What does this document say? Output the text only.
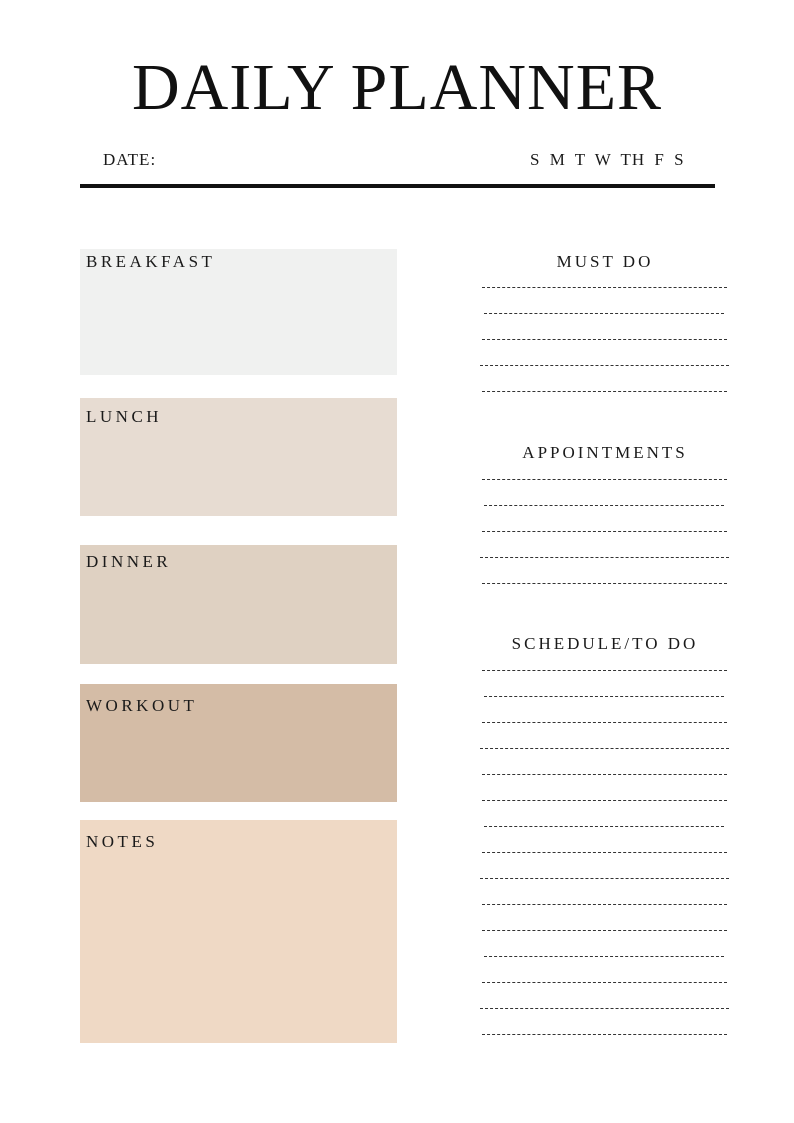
DAILY PLANNER
DATE:	S M T W TH F S
BREAKFAST
LUNCH
DINNER
WORKOUT
NOTES
MUST DO
APPOINTMENTS
SCHEDULE/TO DO
